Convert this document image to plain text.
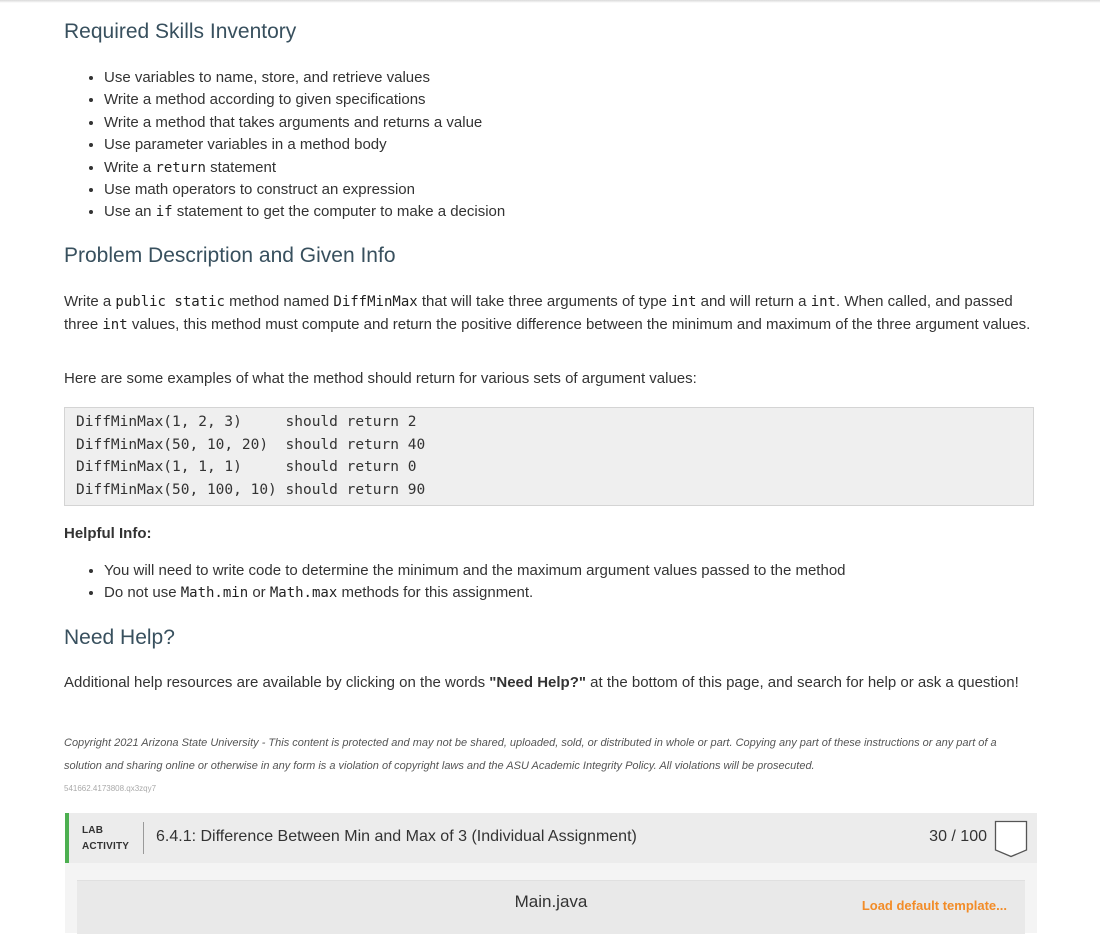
Required Skills Inventory
• Use variables to name, store, and retrieve values
• Write a method according to given specifications
• Write a method that takes arguments and returns a value
• Use parameter variables in a method body
• Write a return statement
• Use math operators to construct an expression
• Use an if statement to get the computer to make a decision
Problem Description and Given Info

Write a public static method named DiffMinMax that will take three arguments of type int and will return a int. When called, and passed three int values, this method must compute and return the positive difference between the minimum and maximum of the three argument values.

Here are some examples of what the method should return for various sets of argument values:

DiffMinMax(1, 2, 3)     should return 2
DiffMinMax(50, 10, 20)  should return 40
DiffMinMax(1, 1, 1)     should return 0
DiffMinMax(50, 100, 10) should return 90
Helpful Info:
• You will need to write code to determine the minimum and the maximum argument values passed to the method
• Do not use Math.min or Math.max methods for this assignment.
Need Help?

Additional help resources are available by clicking on the words "Need Help?" at the bottom of this page, and search for help or ask a question!

Copyright 2021 Arizona State University - This content is protected and may not be shared, uploaded, sold, or distributed in whole or part. Copying any part of these instructions or any part of a solution and sharing online or otherwise in any form is a violation of copyright laws and the ASU Academic Integrity Policy. All violations will be prosecuted.
541662.4173808.qx3zqy7
LAB
ACTIVITY
6.4.1: Difference Between Min and Max of 3 (Individual Assignment)	30 / 100
Main.java	Load default template...
